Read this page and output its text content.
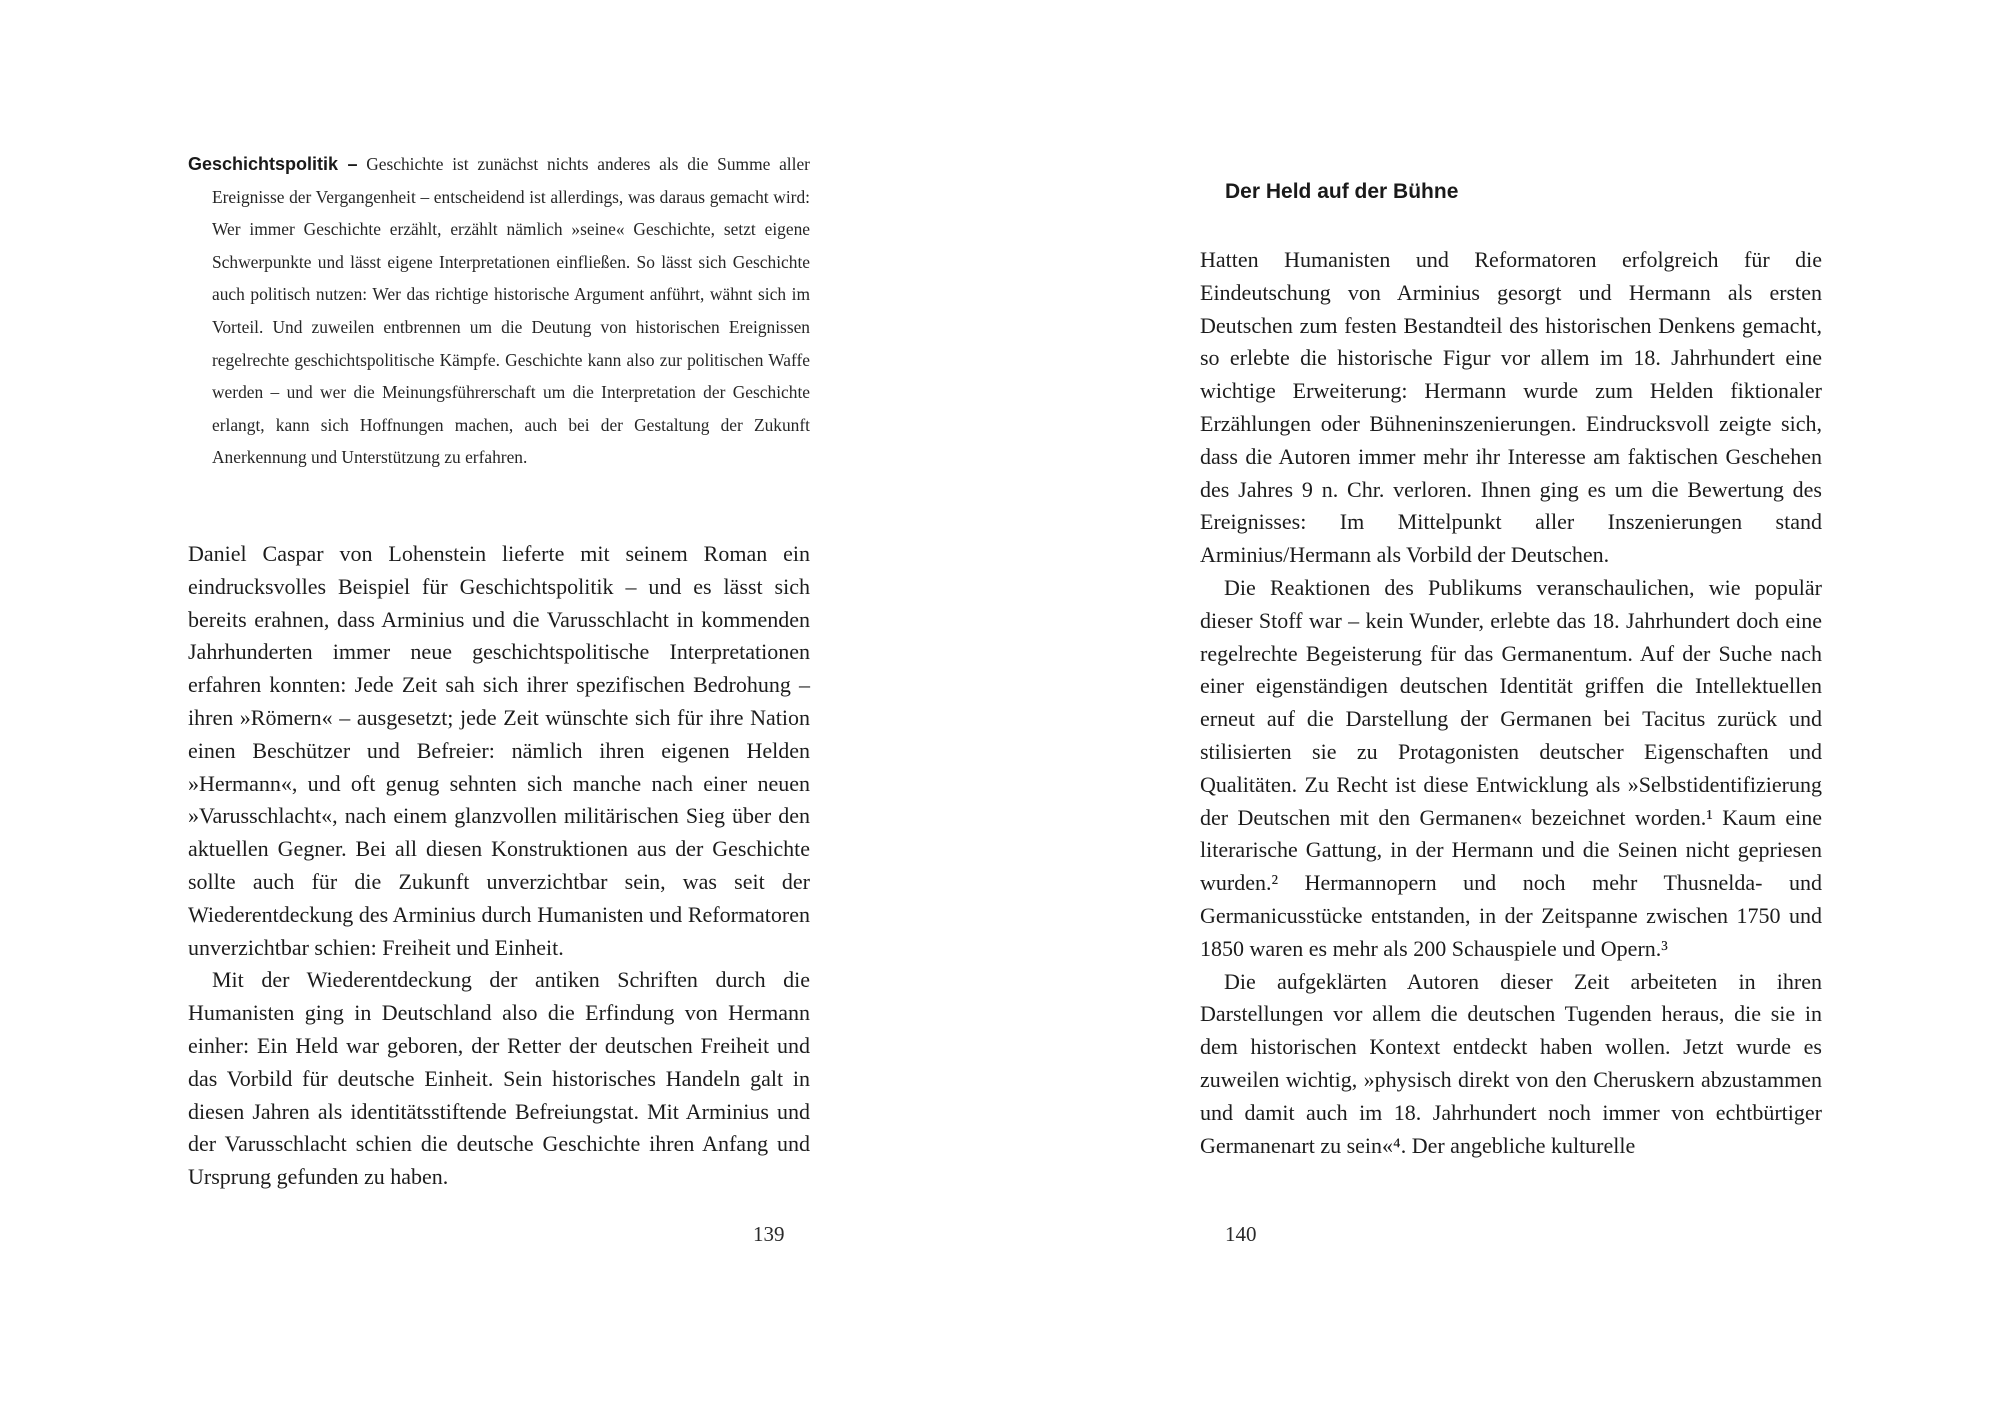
Geschichtspolitik – Geschichte ist zunächst nichts anderes als die Summe aller Ereignisse der Vergangenheit – entscheidend ist allerdings, was daraus gemacht wird: Wer immer Geschichte erzählt, erzählt nämlich »seine« Geschichte, setzt eigene Schwerpunkte und lässt eigene Interpretationen einfließen. So lässt sich Geschichte auch politisch nutzen: Wer das richtige historische Argument anführt, wähnt sich im Vorteil. Und zuweilen entbrennen um die Deutung von historischen Ereignissen regelrechte geschichtspolitische Kämpfe. Geschichte kann also zur politischen Waffe werden – und wer die Meinungsführerschaft um die Interpretation der Geschichte erlangt, kann sich Hoffnungen machen, auch bei der Gestaltung der Zukunft Anerkennung und Unterstützung zu erfahren.

Daniel Caspar von Lohenstein lieferte mit seinem Roman ein eindrucksvolles Beispiel für Geschichtspolitik – und es lässt sich bereits erahnen, dass Arminius und die Varusschlacht in kommenden Jahrhunderten immer neue geschichtspolitische Interpretationen erfahren konnten: Jede Zeit sah sich ihrer spezifischen Bedrohung – ihren »Römern« – ausgesetzt; jede Zeit wünschte sich für ihre Nation einen Beschützer und Befreier: nämlich ihren eigenen Helden »Hermann«, und oft genug sehnten sich manche nach einer neuen »Varusschlacht«, nach einem glanzvollen militärischen Sieg über den aktuellen Gegner. Bei all diesen Konstruktionen aus der Geschichte sollte auch für die Zukunft unverzichtbar sein, was seit der Wiederentdeckung des Arminius durch Humanisten und Reformatoren unverzichtbar schien: Freiheit und Einheit.

Mit der Wiederentdeckung der antiken Schriften durch die Humanisten ging in Deutschland also die Erfindung von Hermann einher: Ein Held war geboren, der Retter der deutschen Freiheit und das Vorbild für deutsche Einheit. Sein historisches Handeln galt in diesen Jahren als identitätsstiftende Befreiungstat. Mit Arminius und der Varusschlacht schien die deutsche Geschichte ihren Anfang und Ursprung gefunden zu haben.

139
Der Held auf der Bühne

Hatten Humanisten und Reformatoren erfolgreich für die Eindeutschung von Arminius gesorgt und Hermann als ersten Deutschen zum festen Bestandteil des historischen Denkens gemacht, so erlebte die historische Figur vor allem im 18. Jahrhundert eine wichtige Erweiterung: Hermann wurde zum Helden fiktionaler Erzählungen oder Bühneninszenierungen. Eindrucksvoll zeigte sich, dass die Autoren immer mehr ihr Interesse am faktischen Geschehen des Jahres 9 n. Chr. verloren. Ihnen ging es um die Bewertung des Ereignisses: Im Mittelpunkt aller Inszenierungen stand Arminius/Hermann als Vorbild der Deutschen.

Die Reaktionen des Publikums veranschaulichen, wie populär dieser Stoff war – kein Wunder, erlebte das 18. Jahrhundert doch eine regelrechte Begeisterung für das Germanentum. Auf der Suche nach einer eigenständigen deutschen Identität griffen die Intellektuellen erneut auf die Darstellung der Germanen bei Tacitus zurück und stilisierten sie zu Protagonisten deutscher Eigenschaften und Qualitäten. Zu Recht ist diese Entwicklung als »Selbstidentifizierung der Deutschen mit den Germanen« bezeichnet worden.¹ Kaum eine literarische Gattung, in der Hermann und die Seinen nicht gepriesen wurden.² Hermannopern und noch mehr Thusnelda- und Germanicusstücke entstanden, in der Zeitspanne zwischen 1750 und 1850 waren es mehr als 200 Schauspiele und Opern.³

Die aufgeklärten Autoren dieser Zeit arbeiteten in ihren Darstellungen vor allem die deutschen Tugenden heraus, die sie in dem historischen Kontext entdeckt haben wollen. Jetzt wurde es zuweilen wichtig, »physisch direkt von den Cheruskern abzustammen und damit auch im 18. Jahrhundert noch immer von echtbürtiger Germanenart zu sein«⁴. Der angebliche kulturelle

140
